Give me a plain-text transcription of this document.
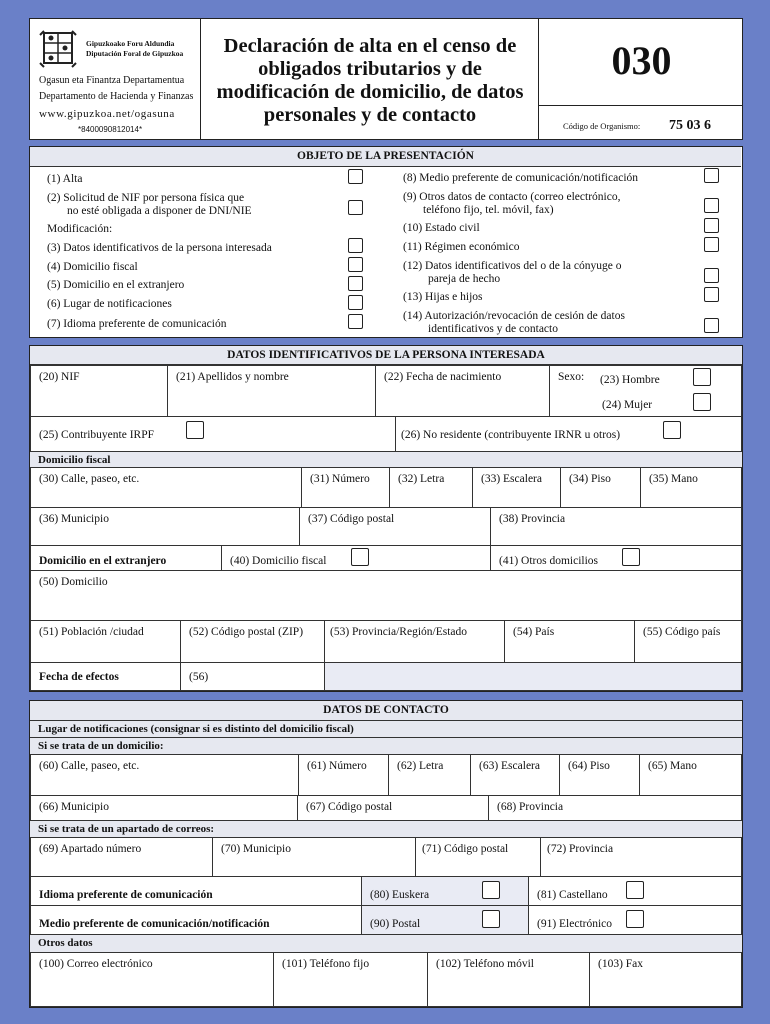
Gipuzkoako Foru Aldundia
Diputación Foral de Gipuzkoa
Ogasun eta Finantza Departamentua
Departamento de Hacienda y Finanzas
www.gipuzkoa.net/ogasuna
*8400090812014*
Declaración de alta en el censo de obligados tributarios y de modificación de domicilio, de datos personales y de contacto
030
Código de Organismo: 75 03 6
OBJETO DE LA PRESENTACIÓN
(1) Alta
(2) Solicitud de NIF por persona física que
no esté obligada a disponer de DNI/NIE
Modificación:
(3) Datos identificativos de la persona interesada
(4) Domicilio fiscal
(5) Domicilio en el extranjero
(6) Lugar de notificaciones
(7) Idioma preferente de comunicación
(8) Medio preferente de comunicación/notificación
(9) Otros datos de contacto (correo electrónico,
teléfono fijo, tel. móvil, fax)
(10) Estado civil
(11) Régimen económico
(12) Datos identificativos del o de la cónyuge o
pareja de hecho
(13) Hijas e hijos
(14) Autorización/revocación de cesión de datos
identificativos y de contacto
DATOS IDENTIFICATIVOS DE LA PERSONA INTERESADA
(20) NIF	(21) Apellidos y nombre	(22) Fecha de nacimiento	Sexo:	(23) Hombre
(24) Mujer
(25) Contribuyente IRPF	(26) No residente (contribuyente IRNR u otros)
Domicilio fiscal
(30) Calle, paseo, etc.	(31) Número	(32) Letra	(33) Escalera	(34) Piso	(35) Mano
(36) Municipio	(37) Código postal	(38) Provincia
Domicilio en el extranjero	(40) Domicilio fiscal	(41) Otros domicilios
(50) Domicilio
(51) Población /ciudad	(52) Código postal (ZIP)	(53) Provincia/Región/Estado	(54) País	(55) Código país
Fecha de efectos	(56)
DATOS DE CONTACTO
Lugar de notificaciones (consignar si es distinto del domicilio fiscal)
Si se trata de un domicilio:
(60) Calle, paseo, etc.	(61) Número	(62) Letra	(63) Escalera	(64) Piso	(65) Mano
(66) Municipio	(67) Código postal	(68) Provincia
Si se trata de un apartado de correos:
(69) Apartado número	(70) Municipio	(71) Código postal	(72) Provincia
Idioma preferente de comunicación	(80) Euskera	(81) Castellano
Medio preferente de comunicación/notificación	(90) Postal	(91) Electrónico
Otros datos
(100) Correo electrónico	(101) Teléfono fijo	(102) Teléfono móvil	(103) Fax
